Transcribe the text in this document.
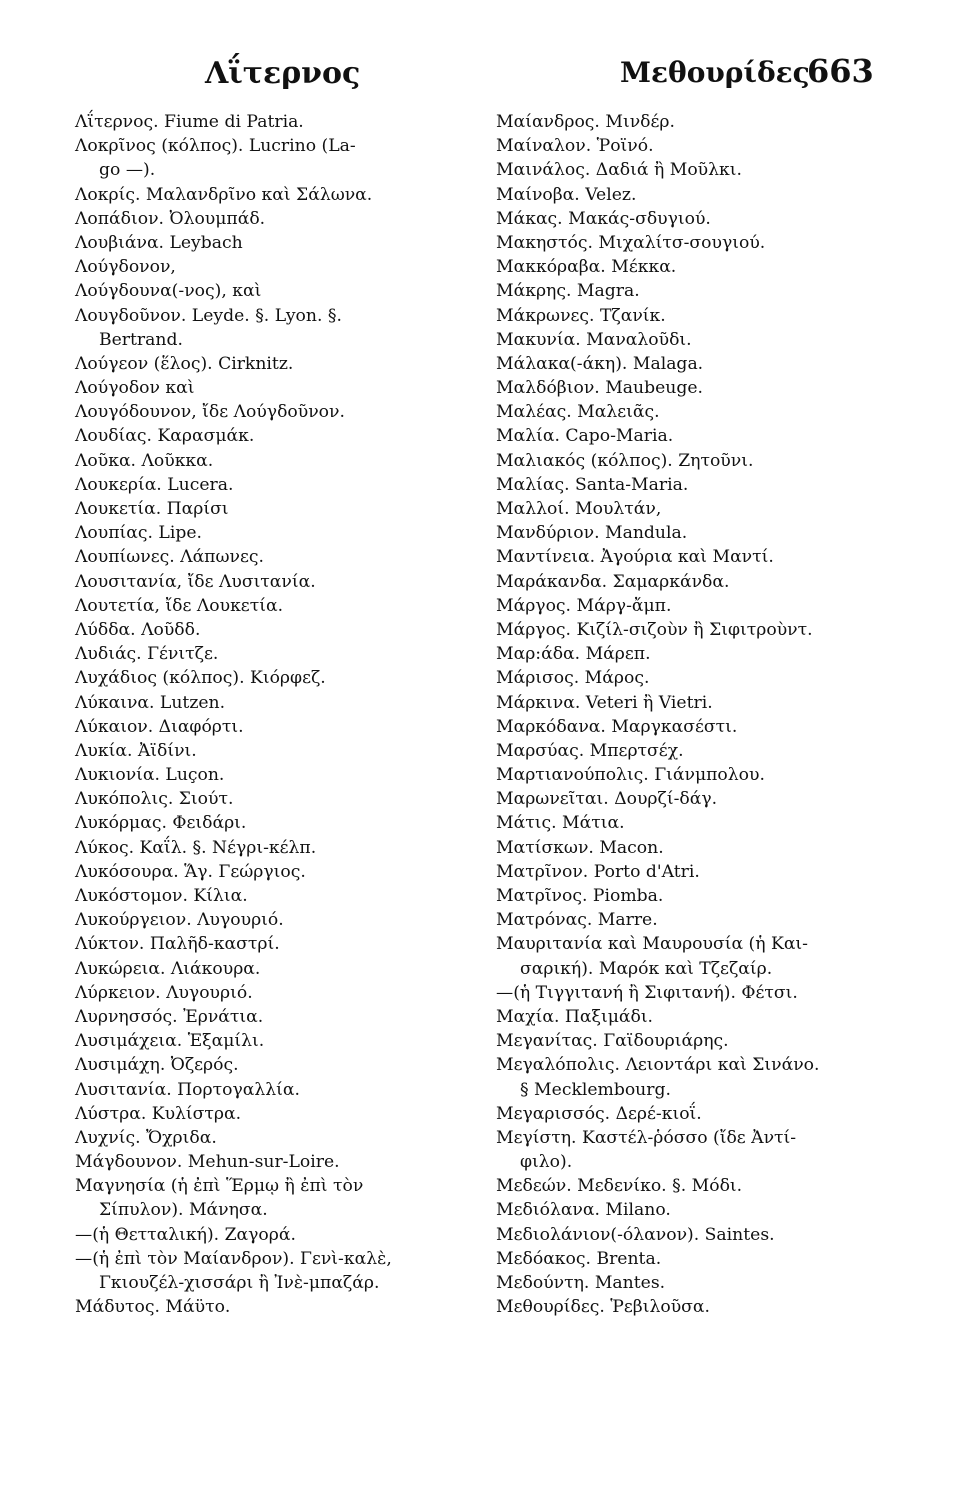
Λΐτερνος	Μεθουρίδες
663
Λΐτερνος. Fiume di Patria.
Λοκρῖνος (κόλπος). Lucrino (La-
go —).
Λοκρίς. Μαλανδρῖνο καὶ Σάλωνα.
Λοπάδιον. Ὀλουμπάδ.
Λουβιάνα. Leybach
Λούγδονον,
Λούγδουνα(-νος), καὶ
Λουγδοῦνον. Leyde. §. Lyon. §.
Bertrand.
Λούγεον (ἕλος). Cirknitz.
Λούγοδον καὶ
Λουγόδουνον, ἴδε Λούγδοῦνον.
Λουδίας. Καρασμάκ.
Λοῦκα. Λοῦκκα.
Λουκερία. Lucera.
Λουκετία. Παρίσι
Λουπίας. Lipe.
Λουπίωνες. Λάπωνες.
Λουσιτανία, ἴδε Λυσιτανία.
Λουτετία, ἴδε Λουκετία.
Λύδδα. Λοῦδδ.
Λυδιάς. Γένιτζε.
Λυχάδιος (κόλπος). Κιόρφεζ.
Λύκαινα. Lutzen.
Λύκαιον. Διαφόρτι.
Λυκία. Ἀϊδίνι.
Λυκιονία. Luçon.
Λυκόπολις. Σιούτ.
Λυκόρμας. Φειδάρι.
Λύκος. Καΐλ. §. Νέγρι-κέλπ.
Λυκόσουρα. Ἅγ. Γεώργιος.
Λυκόστομον. Κίλια.
Λυκούργειον. Λυγουριό.
Λύκτον. Παλῆδ-καστρί.
Λυκώρεια. Λιάκουρα.
Λύρκειον. Λυγουριό.
Λυρνησσός. Ἐρνάτια.
Λυσιμάχεια. Ἑξαμίλι.
Λυσιμάχη. Ὀζερός.
Λυσιτανία. Πορτογαλλία.
Λύστρα. Κυλίστρα.
Λυχνίς. Ὄχριδα.
Μάγδουνον. Mehun-sur-Loire.
Μαγνησία (ἡ ἐπὶ Ἕρμῳ ἢ ἐπὶ τὸν
Σίπυλον). Μάνησα.
—(ἡ Θετταλική). Ζαγορά.
—(ἡ ἐπὶ τὸν Μαίανδρον). Γενὶ-καλὲ,
Γκιουζέλ-χισσάρι ἢ Ἰνὲ-μπαζάρ.
Μάδυτος. Μάϋτο.
Μαίανδρος. Μινδέρ.
Μαίναλον. Ῥοϊνό.
Μαινάλος. Δαδιά ἢ Μοῦλκι.
Μαίνοβα. Velez.
Μάκας. Μακάς-σδυγιού.
Μακηστός. Μιχαλίτσ-σουγιού.
Μακκόραβα. Μέκκα.
Μάκρης. Magra.
Μάκρωνες. Τζανίκ.
Μακυνία. Μαναλοῦδι.
Μάλακα(-άκη). Malaga.
Μαλδόβιον. Maubeuge.
Μαλέας. Μαλειᾶς.
Μαλία. Capo-Maria.
Μαλιακός (κόλπος). Ζητοῦνι.
Μαλίας. Santa-Maria.
Μαλλοί. Μουλτάν,
Μανδύριον. Mandula.
Μαντίνεια. Ἀγούρια καὶ Μαντί.
Μαράκανδα. Σαμαρκάνδα.
Μάργος. Μάργ-ἄμπ.
Μάργος. Κιζίλ-σιζοὺν ἢ Σιφιτροὺντ.
Μαρ:άδα. Μάρεπ.
Μάρισος. Μάρος.
Μάρκινα. Veteri ἢ Vietri.
Μαρκόδανα. Μαργκασέστι.
Μαρσύας. Μπερτσέχ.
Μαρτιανούπολις. Γιάνμπολου.
Μαρωνεῖται. Δουρζί-δάγ.
Μάτις. Μάτια.
Ματίσκων. Macon.
Ματρῖνον. Porto d'Atri.
Ματρῖνος. Piomba.
Ματρόνας. Marre.
Μαυριτανία καὶ Μαυρουσία (ἡ Και-
σαρική). Μαρόκ καὶ Τζεζαίρ.
—(ἡ Τιγγιτανή ἢ Σιφιτανή). Φέτσι.
Μαχία. Παξιμάδι.
Μεγανίτας. Γαϊδουριάρης.
Μεγαλόπολις. Λειοντάρι καὶ Σινάνο.
§ Mecklembourg.
Μεγαρισσός. Δερέ-κιοΐ.
Μεγίστη. Καστέλ-ῥόσσο (ἴδε Ἀντί-
φιλο).
Μεδεών. Μεδενίκο. §. Μόδι.
Μεδιόλανα. Milano.
Μεδιολάνιον(-όλανον). Saintes.
Μεδόακος. Brenta.
Μεδούντη. Mantes.
Μεθουρίδες. Ῥεβιλοῦσα.
